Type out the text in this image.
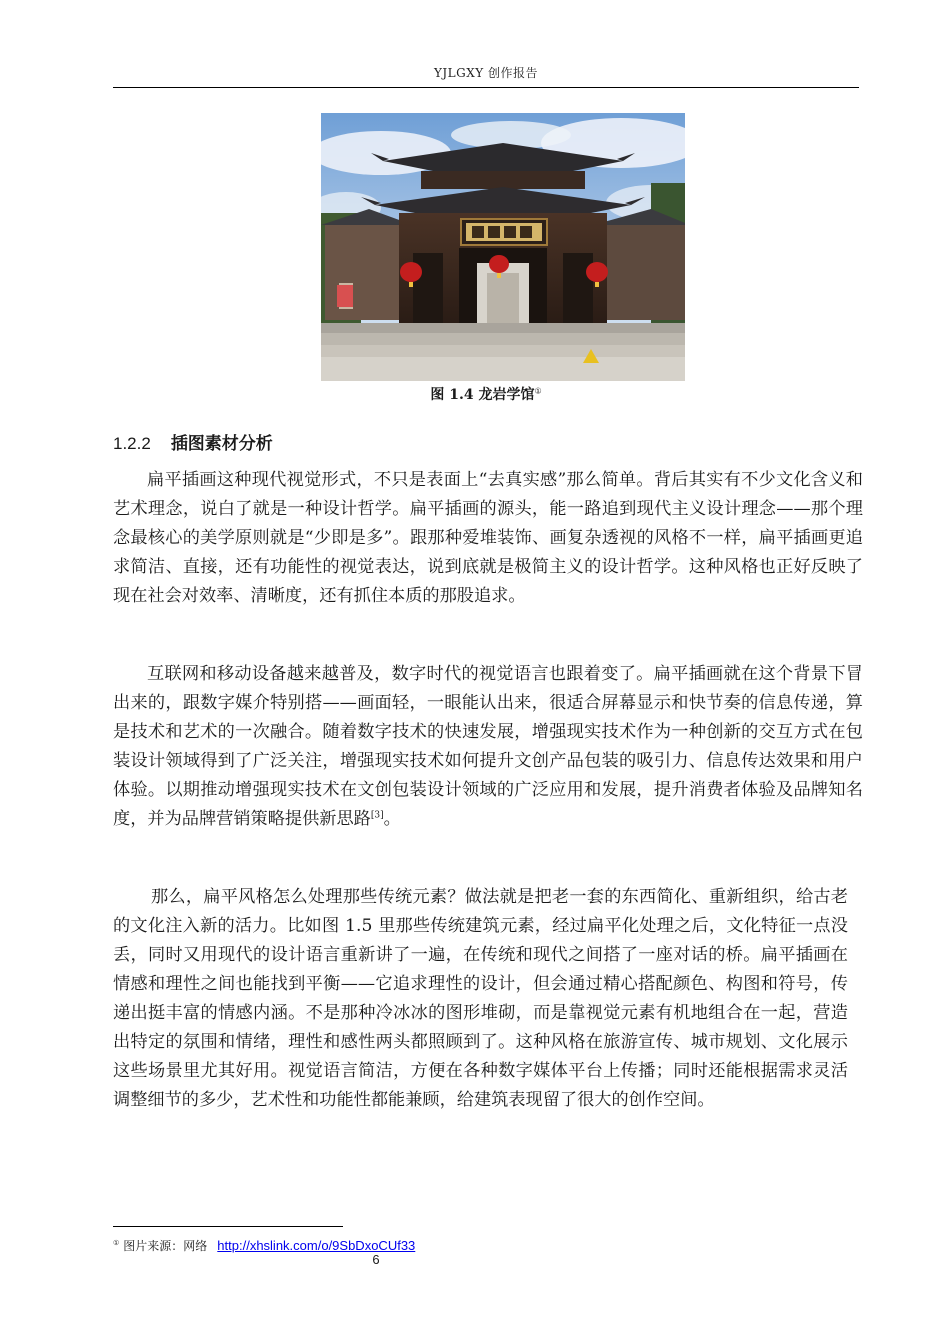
YJLGXY 创作报告
图 1.4 龙岩学馆①
1.2.2 插图素材分析

扁平插画这种现代视觉形式，不只是表面上“去真实感”那么简单。背后其实有不少文化含义和艺术理念，说白了就是一种设计哲学。扁平插画的源头，能一路追到现代主义设计理念——那个理念最核心的美学原则就是“少即是多”。跟那种爱堆装饰、画复杂透视的风格不一样，扁平插画更追求简洁、直接，还有功能性的视觉表达，说到底就是极简主义的设计哲学。这种风格也正好反映了现在社会对效率、清晰度，还有抓住本质的那股追求。

互联网和移动设备越来越普及，数字时代的视觉语言也跟着变了。扁平插画就在这个背景下冒出来的，跟数字媒介特别搭——画面轻，一眼能认出来，很适合屏幕显示和快节奏的信息传递，算是技术和艺术的一次融合。随着数字技术的快速发展，增强现实技术作为一种创新的交互方式在包装设计领域得到了广泛关注，增强现实技术如何提升文创产品包装的吸引力、信息传达效果和用户体验。以期推动增强现实技术在文创包装设计领域的广泛应用和发展，提升消费者体验及品牌知名度，并为品牌营销策略提供新思路[3]。

那么，扁平风格怎么处理那些传统元素？做法就是把老一套的东西简化、重新组织，给古老的文化注入新的活力。比如图 1.5 里那些传统建筑元素，经过扁平化处理之后，文化特征一点没丢，同时又用现代的设计语言重新讲了一遍，在传统和现代之间搭了一座对话的桥。扁平插画在情感和理性之间也能找到平衡——它追求理性的设计，但会通过精心搭配颜色、构图和符号，传递出挺丰富的情感内涵。不是那种冷冰冰的图形堆砌，而是靠视觉元素有机地组合在一起，营造出特定的氛围和情绪，理性和感性两头都照顾到了。这种风格在旅游宣传、城市规划、文化展示这些场景里尤其好用。视觉语言简洁，方便在各种数字媒体平台上传播；同时还能根据需求灵活调整细节的多少，艺术性和功能性都能兼顾，给建筑表现留了很大的创作空间。

① 图片来源：网络 http://xhslink.com/o/9SbDxoCUf33
6
